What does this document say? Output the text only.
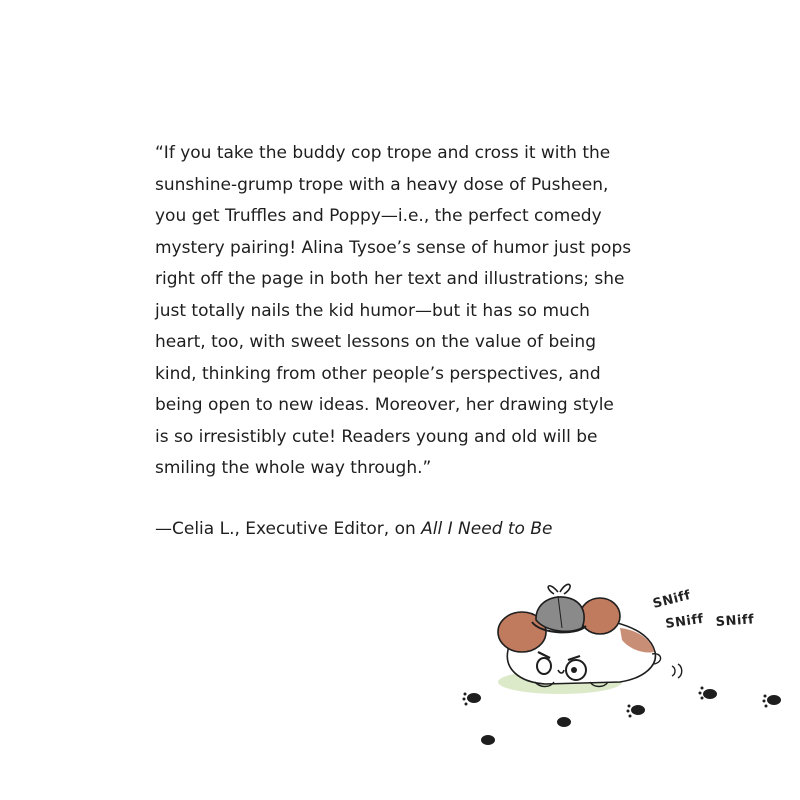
“If you take the buddy cop trope and cross it with the
sunshine-grump trope with a heavy dose of Pusheen,
you get Truffles and Poppy—i.e., the perfect comedy
mystery pairing! Alina Tysoe’s sense of humor just pops
right off the page in both her text and illustrations; she
just totally nails the kid humor—but it has so much
heart, too, with sweet lessons on the value of being
kind, thinking from other people’s perspectives, and
being open to new ideas. Moreover, her drawing style
is so irresistibly cute! Readers young and old will be
smiling the whole way through.”
—Celia L., Executive Editor, on All I Need to Be
SNiff
SNiff SNiff
